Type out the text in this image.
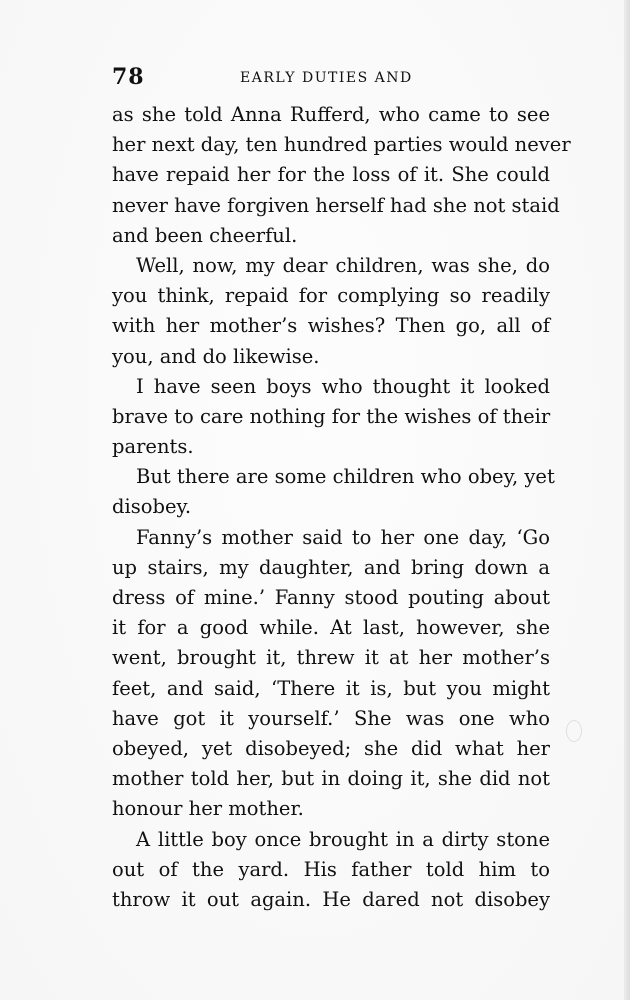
78	EARLY DUTIES AND
as she told Anna Rufferd, who came to see
her next day, ten hundred parties would never
have repaid her for the loss of it. She could
never have forgiven herself had she not staid
and been cheerful.
Well, now, my dear children, was she, do
you think, repaid for complying so readily
with her mother’s wishes? Then go, all of
you, and do likewise.
I have seen boys who thought it looked
brave to care nothing for the wishes of their
parents.
But there are some children who obey, yet
disobey.
Fanny’s mother said to her one day, ‘Go
up stairs, my daughter, and bring down a
dress of mine.’ Fanny stood pouting about
it for a good while. At last, however, she
went, brought it, threw it at her mother’s
feet, and said, ‘There it is, but you might
have got it yourself.’ She was one who
obeyed, yet disobeyed; she did what her
mother told her, but in doing it, she did not
honour her mother.
A little boy once brought in a dirty stone
out of the yard. His father told him to
throw it out again. He dared not disobey
